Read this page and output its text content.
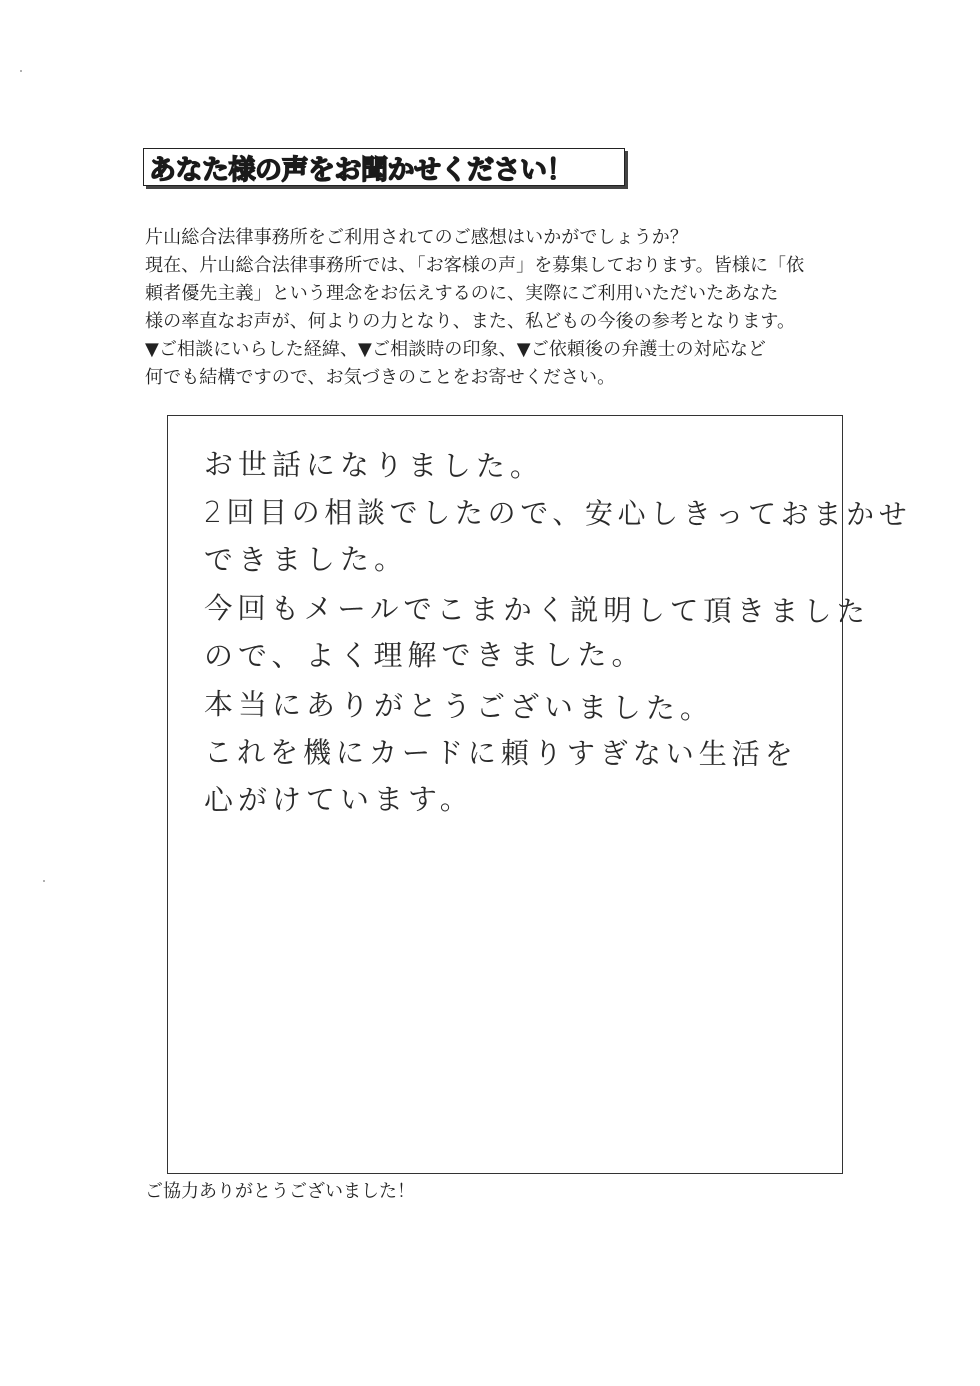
あなた様の声をお聞かせください！
片山総合法律事務所をご利用されてのご感想はいかがでしょうか？
現在、片山総合法律事務所では、「お客様の声」を募集しております。皆様に「依
頼者優先主義」という理念をお伝えするのに、実際にご利用いただいたあなた
様の率直なお声が、何よりの力となり、また、私どもの今後の参考となります。
▼ご相談にいらした経緯、▼ご相談時の印象、▼ご依頼後の弁護士の対応など
何でも結構ですので、お気づきのことをお寄せください。
お世話になりました。
2回目の相談でしたので、安心しきっておまかせ
できました。
今回もメールでこまかく説明して頂きました
ので、よく理解できました。
本当にありがとうございました。
これを機にカードに頼りすぎない生活を
心がけています。
ご協力ありがとうございました！
